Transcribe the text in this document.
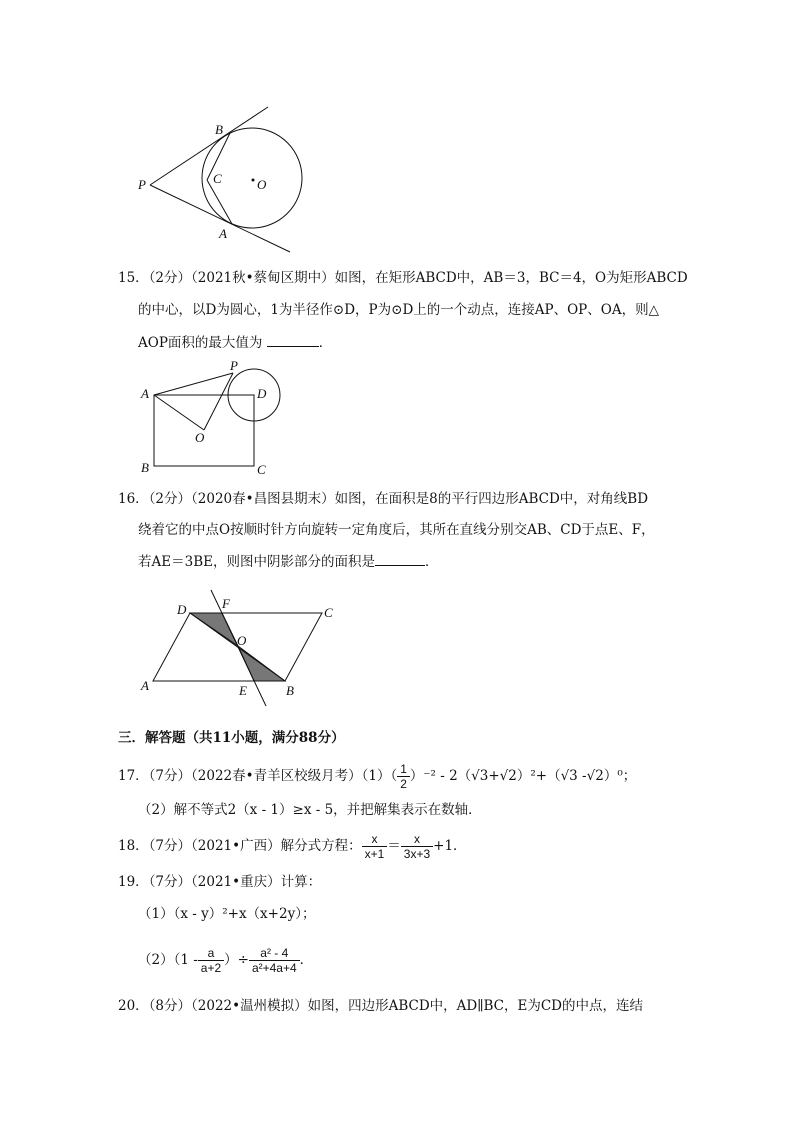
B
C	O
P
A
15．（2分）（2021秋•蔡甸区期中）如图，在矩形ABCD中，AB＝3，BC＝4，O为矩形ABCD
的中心，以D为圆心，1为半径作⊙D，P为⊙D上的一个动点，连接AP、OP、OA，则△
AOP面积的最大值为	．
A
P
D
O
B	C
16．（2分）（2020春•昌图县期末）如图，在面积是8的平行四边形ABCD中，对角线BD
绕着它的中点O按顺时针方向旋转一定角度后，其所在直线分别交AB、CD于点E、F，
若AE＝3BE，则图中阴影部分的面积是	．
D	F
C
O
A	E	B
三．解答题（共11小题，满分88分）
17．（7分）（2022春•青羊区校级月考）$(1)( \frac{1}{2} )^{-2} - 2(√3+√2)^2+(√3$ -√2）⁰；
（2）解不等式2（x - 1）≥x - 5，并把解集表示在数轴．
18．（7分）（2021•广西）解分式方程： $\frac{x}{x+1} = \frac{x}{3x+3} +1$．
19．（7分）（2021•重庆）计算：
（1）（x - y）²+x（x+2y）；
$(2)(1 - \frac{a}{a+2}$ ）÷ $\frac{\text{a² - 4}}{\text{a²+4a+4}}$ ．
20．（8分）（2022•温州模拟）如图，四边形ABCD中，AD∥BC，E为CD的中点，连结
